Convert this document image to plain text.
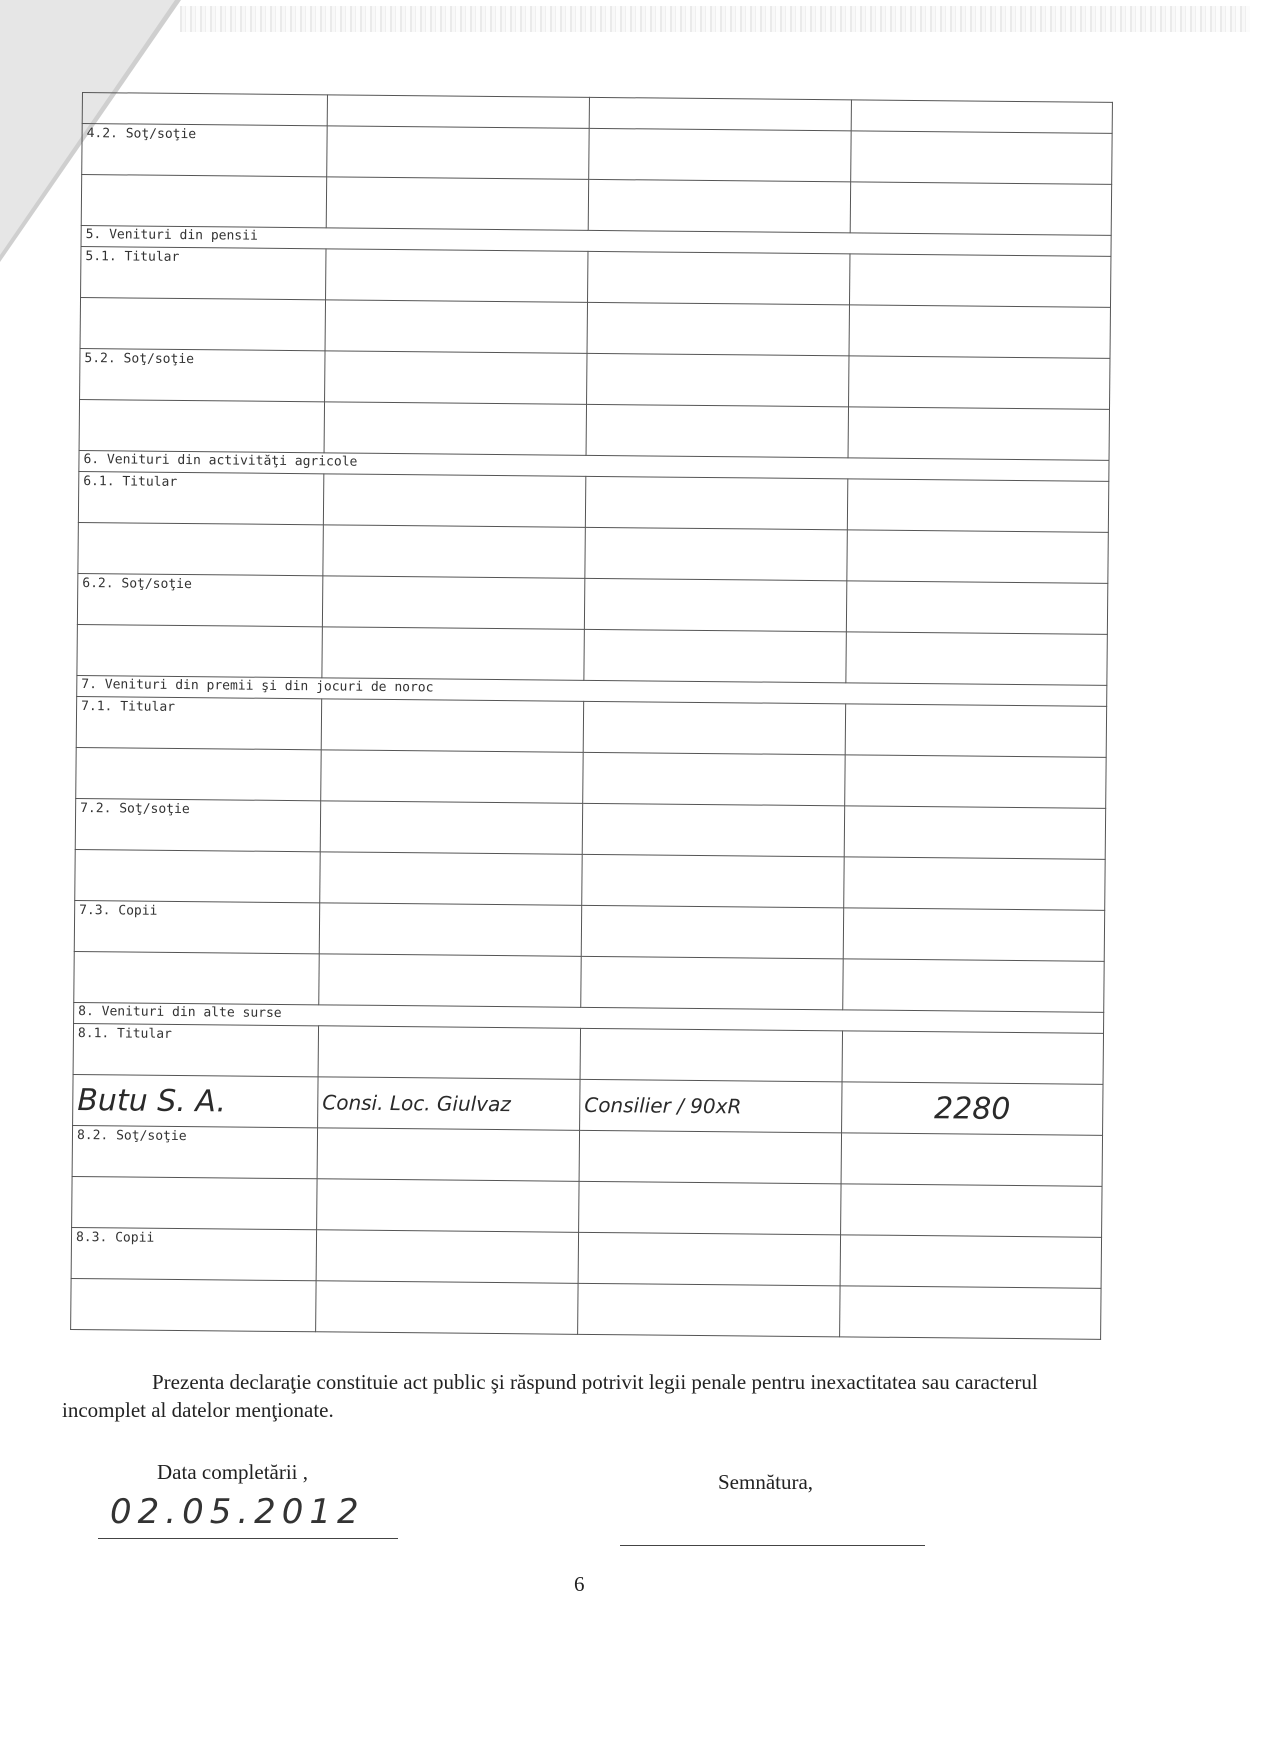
4.2. Soţ/soţie			

5. Venituri din pensii			
5.1. Titular			

5.2. Soţ/soţie			

6. Venituri din activităţi agricole			
6.1. Titular			

6.2. Soţ/soţie			

7. Venituri din premii şi din jocuri de noroc			
7.1. Titular			

7.2. Soţ/soţie			

7.3. Copii			

8. Venituri din alte surse			
8.1. Titular			
Butu S. A.	Consi. Loc. Giulvaz	Consilier / 90xR	2280
8.2. Soţ/soţie			

8.3. Copii			

Prezenta declaraţie constituie act public şi răspund potrivit legii penale pentru inexactitatea sau caracterul incomplet al datelor menţionate.
Data completării ,
02.05.2012
Semnătura,
6
